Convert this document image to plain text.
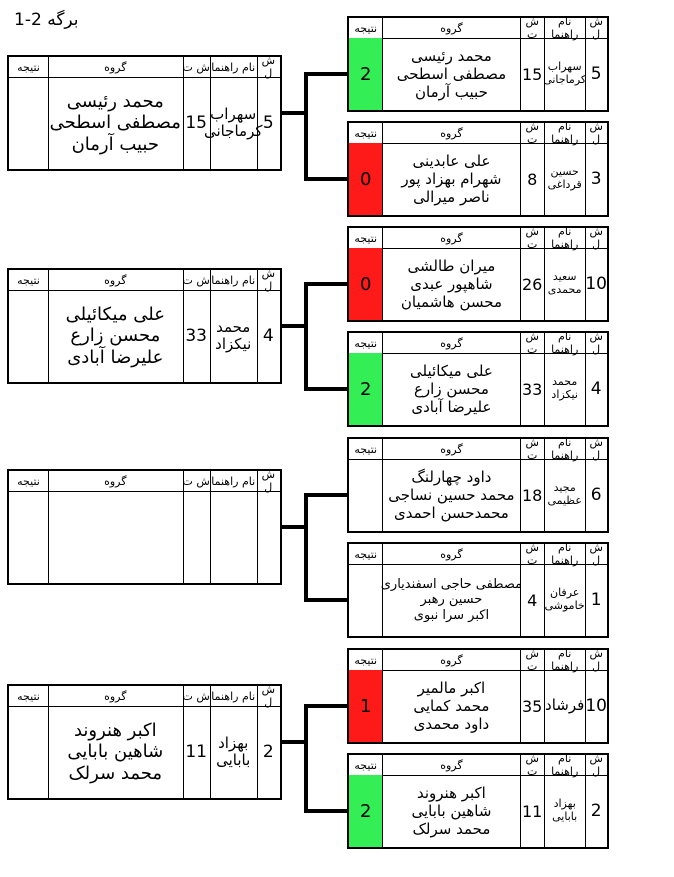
برگه 2-1	ش ل
نام راهنما
ش ت
گروه
نتیجه
5
سهراب کرماجانی
15
محمد رئیسی
مصطفی اسطحی
حبیب آرمان
2
ش ل
نام راهنما
ش ت
گروه
نتیجه
3
حسین قرداغی
8
علی عابدینی
شهرام بهزاد پور
ناصر میرالی
0
ش ل
نام راهنما
ش ت
گروه
نتیجه
10
سعید محمدی
26
میران طالشی
شاهپور عبدی
محسن هاشمیان
0
ش ل
نام راهنما
ش ت
گروه
نتیجه
4
محمد نیکزاد
33
علی میکائیلی
محسن زارع
علیرضا آبادی
2
ش ل
نام راهنما
ش ت
گروه
نتیجه
6
مجید عظیمی
18
داود چهارلنگ
محمد حسین نساجی
محمدحسن احمدی
ش ل
نام راهنما
ش ت
گروه
نتیجه
1
عرفان خاموشی
4
مصطفی حاجی اسفندیاری
حسین رهبر
اکبر سرا نبوی
ش ل
نام راهنما
ش ت
گروه
نتیجه
10
فرشاد
35
اکبر مالمیر
محمد کمایی
داود محمدی
1
ش ل
نام راهنما
ش ت
گروه
نتیجه
2
بهزاد بابایی
11
اکبر هنروند
شاهین بابایی
محمد سرلک
2
ش ل
نام راهنما
ش ت
گروه
نتیجه
5
سهراب کرماجانی
15
محمد رئیسی
مصطفی اسطحی
حبیب آرمان
ش ل
نام راهنما
ش ت
گروه
نتیجه
4
محمد نیکزاد
33
علی میکائیلی
محسن زارع
علیرضا آبادی
ش ل
نام راهنما
ش ت
گروه
نتیجه
ش ل
نام راهنما
ش ت
گروه
نتیجه
2
بهزاد بابایی
11
اکبر هنروند
شاهین بابایی
محمد سرلک
